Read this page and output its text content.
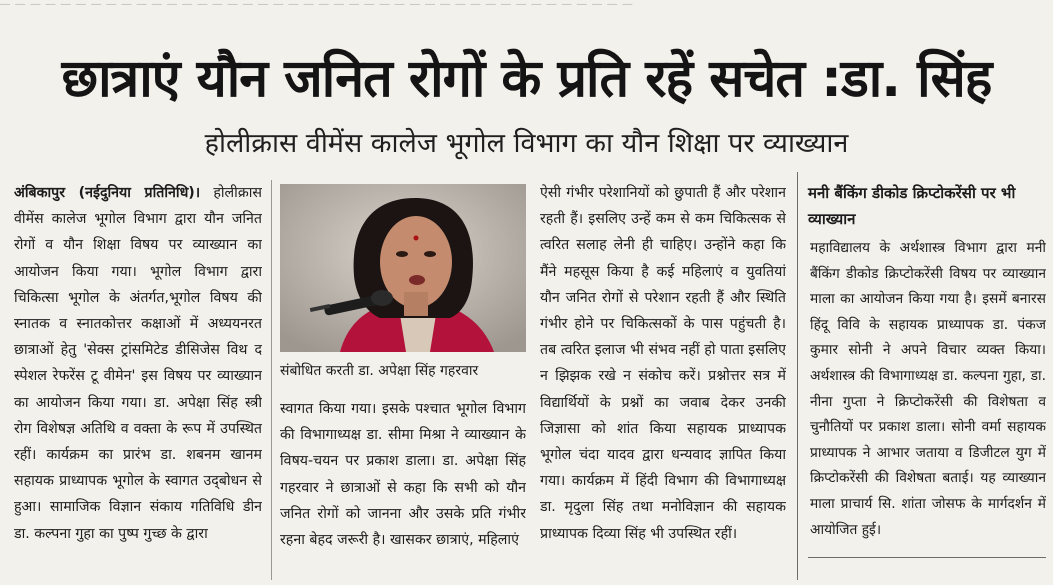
― ― ― ― ― ― ― ― ― ― ― ― ― ― ― ― ― ― ― ― ― ― ― ― ― ― ― ― ― ― ― ― ― ― ― ― ― ― ― ― ― ―
छात्राएं यौन जनित रोगों के प्रति रहें सचेत :डा. सिंह
होलीक्रास वीमेंस कालेज भूगोल विभाग का यौन शिक्षा पर व्याख्यान

अंबिकापुर (नईदुनिया प्रतिनिधि)। होलीक्रास वीमेंस कालेज भूगोल विभाग द्वारा यौन जनित रोगों व यौन शिक्षा विषय पर व्याख्यान का आयोजन किया गया। भूगोल विभाग द्वारा चिकित्सा भूगोल के अंतर्गत,भूगोल विषय की स्नातक व स्नातकोत्तर कक्षाओं में अध्ययनरत छात्राओं हेतु 'सेक्स ट्रांसमिटेड डीसिजेस विथ द स्पेशल रेफरेंस टू वीमेन' इस विषय पर व्याख्यान का आयोजन किया गया। डा. अपेक्षा सिंह स्त्री रोग विशेषज्ञ अतिथि व वक्ता के रूप में उपस्थित रहीं। कार्यक्रम का प्रारंभ डा. शबनम खानम सहायक प्राध्यापक भूगोल के स्वागत उद्‌बोधन से हुआ। सामाजिक विज्ञान संकाय गतिविधि डीन डा. कल्पना गुहा का पुष्प गुच्छ के द्वारा

संबोधित करती डा. अपेक्षा सिंह गहरवार

स्वागत किया गया। इसके पश्चात भूगोल विभाग की विभागाध्यक्ष डा. सीमा मिश्रा ने व्याख्यान के विषय-चयन पर प्रकाश डाला। डा. अपेक्षा सिंह गहरवार ने छात्राओं से कहा कि सभी को यौन जनित रोगों को जानना और उसके प्रति गंभीर रहना बेहद जरूरी है। खासकर छात्राएं, महिलाएं

ऐसी गंभीर परेशानियों को छुपाती हैं और परेशान रहती हैं। इसलिए उन्हें कम से कम चिकित्सक से त्वरित सलाह लेनी ही चाहिए। उन्होंने कहा कि मैंने महसूस किया है कई महिलाएं व युवतियां यौन जनित रोगों से परेशान रहती हैं और स्थिति गंभीर होने पर चिकित्सकों के पास पहुंचती है। तब त्वरित इलाज भी संभव नहीं हो पाता इसलिए न झिझक रखे न संकोच करें। प्रश्नोत्तर सत्र में विद्यार्थियों के प्रश्नों का जवाब देकर उनकी जिज्ञासा को शांत किया सहायक प्राध्यापक भूगोल चंदा यादव द्वारा धन्यवाद ज्ञापित किया गया। कार्यक्रम में हिंदी विभाग की विभागाध्यक्ष डा. मृदुला सिंह तथा मनोविज्ञान की सहायक प्राध्यापक दिव्या सिंह भी उपस्थित रहीं।

मनी बैंकिंग डीकोड क्रिप्टोकरेंसी पर भी व्याख्यान

महाविद्यालय के अर्थशास्त्र विभाग द्वारा मनी बैंकिंग डीकोड क्रिप्टोकरेंसी विषय पर व्याख्यान माला का आयोजन किया गया है। इसमें बनारस हिंदू विवि के सहायक प्राध्यापक डा. पंकज कुमार सोनी ने अपने विचार व्यक्त किया। अर्थशास्त्र की विभागाध्यक्ष डा. कल्पना गुहा, डा. नीना गुप्ता ने क्रिप्टोकरेंसी की विशेषता व चुनौतियों पर प्रकाश डाला। सोनी वर्मा सहायक प्राध्यापक ने आभार जताया व डिजीटल युग में क्रिप्टोकरेंसी की विशेषता बताई। यह व्याख्यान माला प्राचार्य सि. शांता जोसफ के मार्गदर्शन में आयोजित हुई।
